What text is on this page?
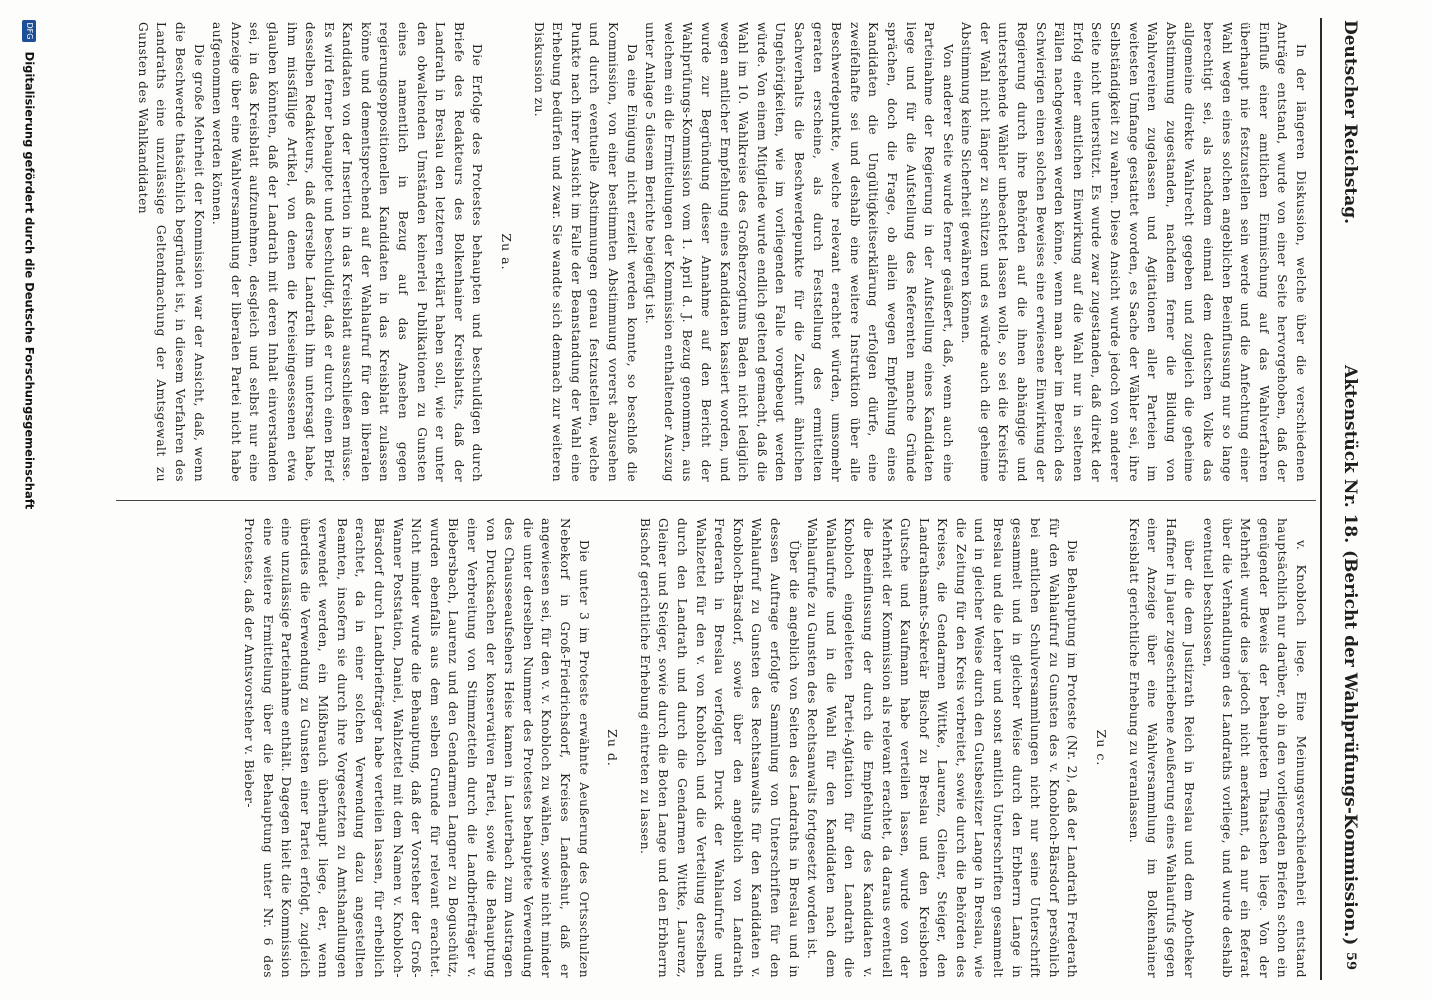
Deutscher Reichstag.
Aktenstück Nr. 18.
(Bericht der Wahlprüfungs-Kommission.)
59

In der längeren Diskussion, welche über die verschiedenen Anträge entstand, wurde von einer Seite hervorgehoben, daß der Einfluß einer amtlichen Einmischung auf das Wahlverfahren überhaupt nie festzustellen sein werde und die Anfechtung einer Wahl wegen eines solchen angeblichen Beeinflussung nur so lange berechtigt sei, als nachdem einmal dem deutschen Volke das allgemeine direkte Wahlrecht gegeben und zugleich die geheime Abstimmung zugestanden, nachdem ferner die Bildung von Wahlvereinen zugelassen und Agitationen aller Parteien im weitesten Umfange gestattet worden, es Sache der Wähler sei, ihre Selbständigkeit zu wahren. Diese Ansicht wurde jedoch von anderer Seite nicht unterstützt. Es wurde zwar zugestanden, daß direkt der Erfolg einer amtlichen Einwirkung auf die Wahl nur in seltenen Fällen nachgewiesen werden könne, wenn man aber im Bereich des Schwierigen einen solchen Beweises eine erwiesene Einwirkung der Regierung durch ihre Behörden auf die ihnen abhängige und unterstehende Wähler unbeachtet lassen wolle, so sei die Kreisfrie der Wahl nicht länger zu schützen und es würde auch die geheime Abstimmung keine Sicherheit gewähren können.

Von anderer Seite wurde ferner geäußert, daß, wenn auch eine Parteinahme der Regierung in der Aufstellung eines Kandidaten liege und für die Aufstellung des Referenten manche Gründe sprächen, doch die Frage, ob allein wegen Empfehlung eines Kandidaten die Ungültigkeitserklärung erfolgen dürfe, eine zweifelhafte sei und deshalb eine weitere Instruktion über alle Beschwerdepunkte, welche relevant erachtet würden, umsomehr geraten erscheine, als durch Feststellung des ermittelten Sachverhalts die Beschwerdepunkte für die Zukunft ähnlichen Ungehörigkeiten, wie im vorliegenden Falle vorgebeugt werden würde. Von einem Mitgliede wurde endlich geltend gemacht, daß die Wahl im 10. Wahlkreise des Großherzogtums Baden nicht lediglich wegen amtlicher Empfehlung eines Kandidaten kassiert worden, und wurde zur Begründung dieser Annahme auf den Bericht der Wahlprüfungs-Kommission vom 1. April d. J. Bezug genommen, aus welchem ein die Ermittelungen der Kommission enthaltender Auszug unter Anlage 5 diesem Berichte beigefügt ist.

Da eine Einigung nicht erzielt werden konnte, so beschloß die Kommission, von einer bestimmten Abstimmung vorerst abzusehen und durch eventuelle Abstimmungen genau festzustellen, welche Punkte nach ihrer Ansicht im Falle der Beanstandung der Wahl eine Erhebung bedürfen und zwar. Sie wandte sich demnach zur weiteren Diskussion zu.

Zu a.

Die Erfolge des Protestes behaupten und beschuldigen durch Briefe des Redakteurs des Bolkenhainer Kreisblatts, daß der Landrath in Breslau den letzteren erklärt haben soll, wie er unter den obwaltenden Umständen keinerlei Publikationen zu Gunsten eines namentlich in Bezug auf das Ansehen gegen regierungsoppositionellen Kandidaten in das Kreisblatt zulassen könne und dementsprechend auf der Wahlaufruf für den liberalen Kandidaten von der Insertion in das Kreisblatt ausschließen müsse. Es wird ferner behauptet und beschuldigt, daß er durch einen Brief desselben Redakteurs, daß derselbe Landrath ihm untersagt habe, ihm missfällige Artikel, von denen die Kreiseingesessenen etwa glauben könnten, daß der Landrath mit deren Inhalt einverstanden sei, in das Kreisblatt aufzunehmen, desgleich und selbst nur eine Anzeige über eine Wahlversammlung der liberalen Partei nicht habe aufgenommen werden können.

Die große Mehrheit der Kommission war der Ansicht, daß, wenn die Beschwerde thatsächlich begründet ist, in diesem Verfahren des Landraths eine unzulässige Geltendmachung der Amtsgewalt zu Gunsten des Wahlkandidaten

v. Knobloch liege. Eine Meinungsverschiedenheit entstand hauptsächlich nur darüber, ob in den vorliegenden Briefen schon ein genügender Beweis der behaupteten Thatsachen liege. Von der Mehrheit wurde dies jedoch nicht anerkannt, da nur ein Referat über die Verhandlungen des Landraths vorliege, und wurde deshalb eventuell beschlossen,

über die dem Justizrath Reich in Breslau und dem Apotheker Haffner in Jauer zugeschriebene Aeußerung eines Wahlaufrufs gegen einer Anzeige über eine Wahlversammlung im Bolkenhainer Kreisblatt gerichtliche Erhebung zu veranlassen.

Zu c.

Die Behauptung im Proteste (Nr. 2), daß der Landrath Frederath für den Wahlaufruf zu Gunsten des v. Knobloch-Bärsdorf persönlich bei amtlichen Schulversammlungen nicht nur seine Unterschrift gesammelt und in gleicher Weise durch den Erbherrn Lange in Breslau und die Lehrer und sonst amtlich Unterschriften gesammelt und in gleicher Weise durch den Gutsbesitzer Lange in Breslau, wie die Zeitung für den Kreis verbreitet, sowie durch die Behörden des Kreises, die Gendarmen Wittke, Laurenz, Gleiner, Steiger, den Landrathsamts-Sekretär Bischof zu Breslau und den Kreisboten Gutsche und Kaufmann habe verteilen lassen, wurde von der Mehrheit der Kommission als relevant erachtet, da daraus eventuell die Beeinflussung der durch die Empfehlung des Kandidaten v. Knobloch eingeleiteten Partei-Agitation für den Landrath die Wahlaufrufe und in die Wahl für den Kandidaten nach dem Wahlaufrufe zu Gunsten des Rechtsanwalts fortgesetzt worden ist.

Über die angeblich von Seiten des Landraths in Breslau und in dessen Auftrage erfolgte Sammlung von Unterschriften für den Wahlaufruf zu Gunsten des Rechtsanwalts für den Kandidaten v. Knobloch-Bärsdorf, sowie über den angeblich von Landrath Frederath in Breslau verfolgten Druck der Wahlaufrufe und Wahlzettel für den v. von Knobloch und die Verteilung derselben durch den Landrath und durch die Gendarmen Wittke, Laurenz, Gleiner und Steiger, sowie durch die Boten Lange und den Erbherrn Bischof gerichtliche Erhebung eintreten zu lassen.

Zu d.

Die unter 3 im Proteste erwähnte Aeußerung des Ortsschulzen Nebekorf in Groß-Friedrichsdorf, Kreises Landeshut, daß er angewiesen sei, für den v. v. Knobloch zu wählen, sowie nicht minder die unter derselben Nummer des Protestes behauptete Verwendung des Chausseeaufsehers Heise kamen in Lauterbach zum Austragen von Drucksachen der konservativen Partei, sowie die Behauptung einer Verbreitung von Stimmzetteln durch die Landbriefträger v. Biebersbach, Laurenz und den Gendarmen Langner zu Boguschütz, wurden ebenfalls aus dem selben Grunde für relevant erachtet. Nicht minder wurde die Behauptung, daß der Vorsteher der Groß-Wanner Poststation, Daniel, Wahlzettel mit dem Namen v. Knobloch-Bärsdorf durch Landbriefträger habe verteilen lassen, für erheblich erachtet, da in einer solchen Verwendung dazu angestellten Beamten, insofern sie durch ihre Vorgesetzten zu Amtshandlungen verwendet werden, ein Mißbrauch überhaupt liege, der, wenn überdies die Verwendung zu Gunsten einer Partei erfolgt, zugleich eine unzulässige Parteinahme enthält. Dagegen hielt die Kommission eine weitere Ermittelung über die Behauptung unter Nr. 6 des Protestes, daß der Amtsvorsteher v. Bieber-

DFG Digitalisierung gefördert durch die Deutsche Forschungsgemeinschaft
